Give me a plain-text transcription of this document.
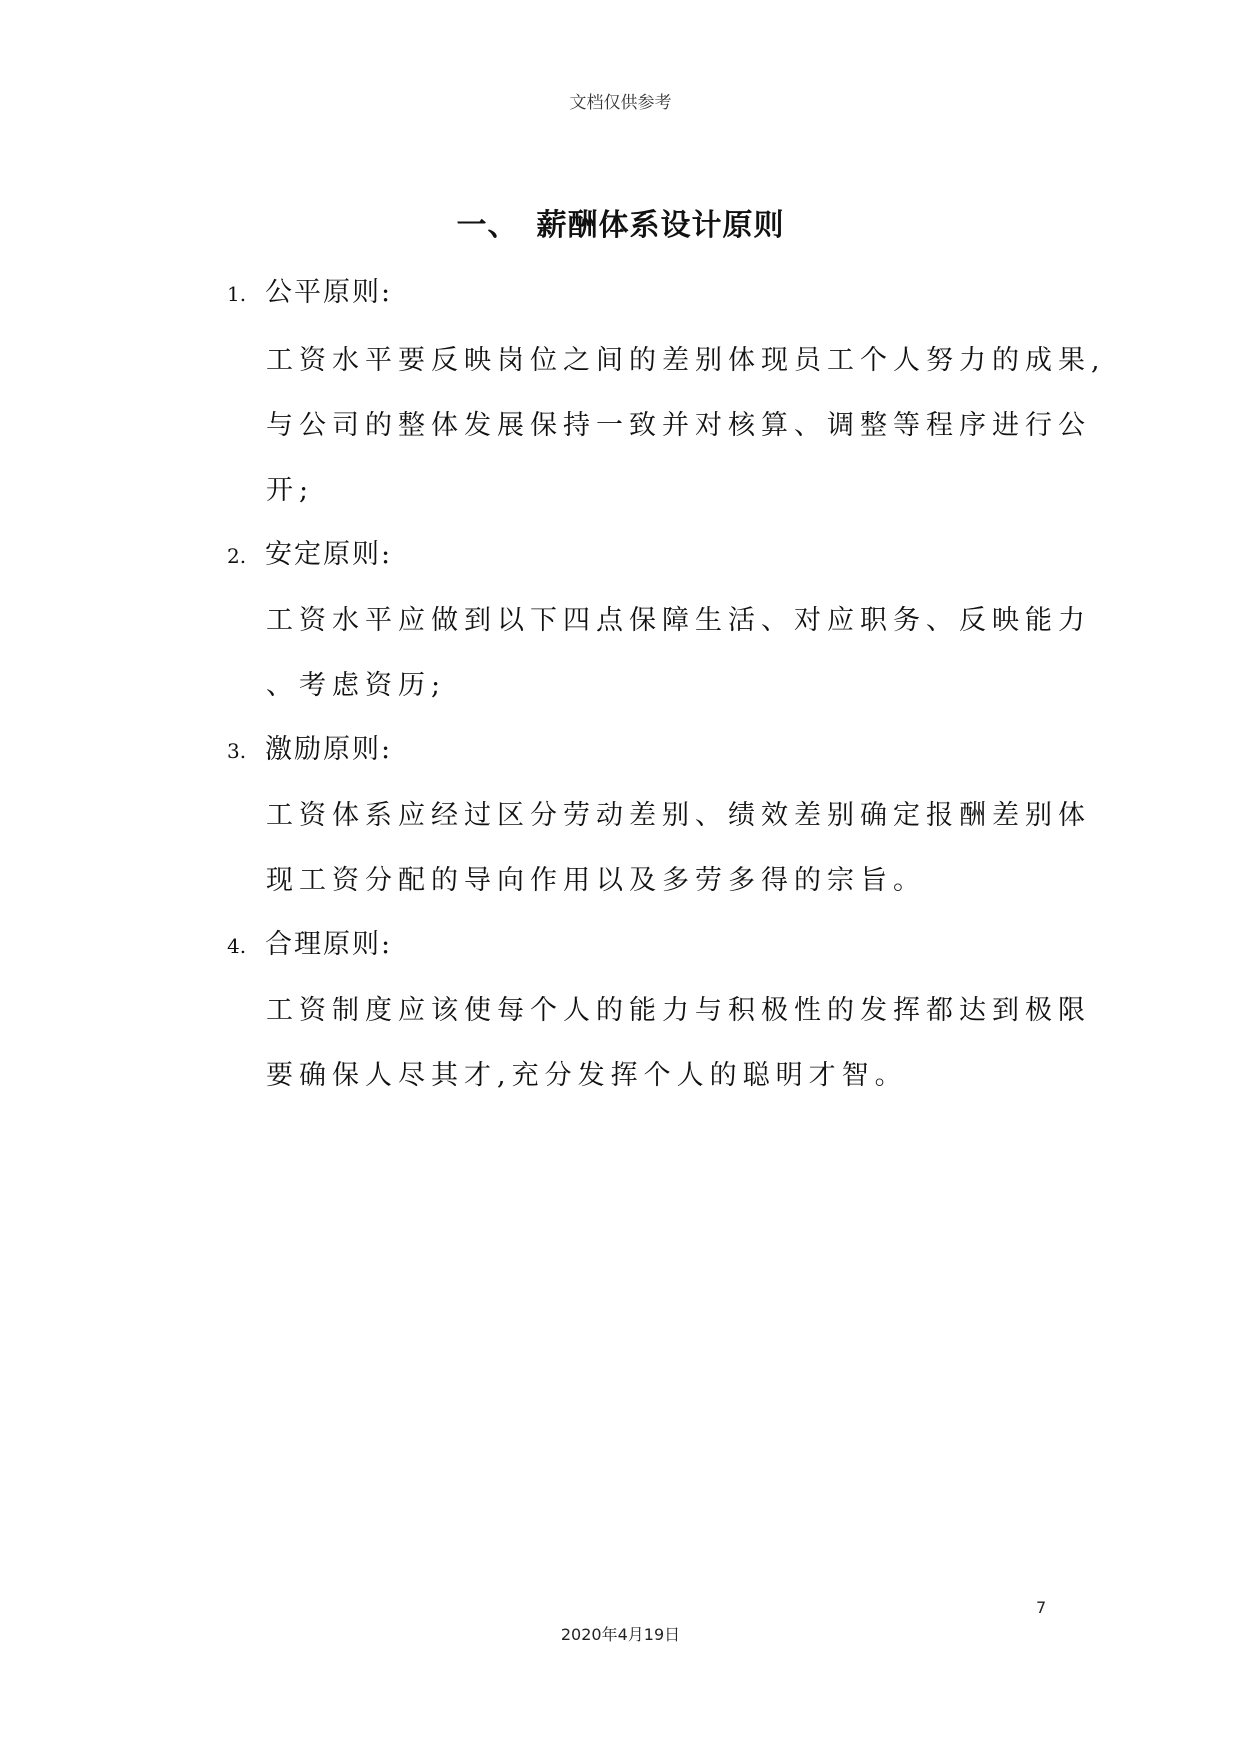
文档仅供参考
一、 薪酬体系设计原则
1. 公平原则:
工资水平要反映岗位之间的差别体现员工个人努力的成果,
与公司的整体发展保持一致并对核算、调整等程序进行公
开;
2. 安定原则:
工资水平应做到以下四点保障生活、对应职务、反映能力
、考虑资历;
3. 激励原则:
工资体系应经过区分劳动差别、绩效差别确定报酬差别体
现工资分配的导向作用以及多劳多得的宗旨。
4. 合理原则:
工资制度应该使每个人的能力与积极性的发挥都达到极限
要确保人尽其才,充分发挥个人的聪明才智。
7
2020年4月19日
